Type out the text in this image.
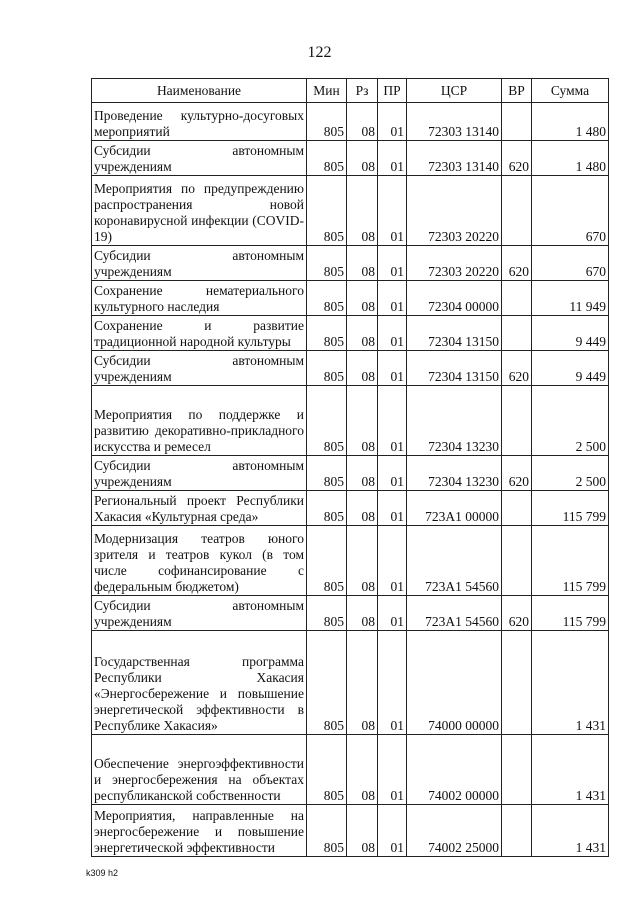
122
Наименование	Мин	Рз	ПР	ЦСР	ВР	Сумма
Проведение культурно-досуговых мероприятий	805	08	01	72303 13140		1 480
Субсидии автономным учреждениям	805	08	01	72303 13140	620	1 480
Мероприятия по предупреждению распространения новой коронавирусной инфекции (COVID-19)	805	08	01	72303 20220		670
Субсидии автономным учреждениям	805	08	01	72303 20220	620	670
Сохранение нематериального культурного наследия	805	08	01	72304 00000		11 949
Сохранение и развитие традиционной народной культуры	805	08	01	72304 13150		9 449
Субсидии автономным учреждениям	805	08	01	72304 13150	620	9 449
Мероприятия по поддержке и развитию декоративно-прикладного искусства и ремесел	805	08	01	72304 13230		2 500
Субсидии автономным учреждениям	805	08	01	72304 13230	620	2 500
Региональный проект Республики Хакасия «Культурная среда»	805	08	01	723A1 00000		115 799
Модернизация театров юного зрителя и театров кукол (в том числе софинансирование с федеральным бюджетом)	805	08	01	723A1 54560		115 799
Субсидии автономным учреждениям	805	08	01	723A1 54560	620	115 799
Государственная программа Республики Хакасия «Энергосбережение и повышение энергетической эффективности в Республике Хакасия»	805	08	01	74000 00000		1 431
Обеспечение энергоэффективности и энергосбережения на объектах республиканской собственности	805	08	01	74002 00000		1 431
Мероприятия, направленные на энергосбережение и повышение энергетической эффективности	805	08	01	74002 25000		1 431
k309 h2
